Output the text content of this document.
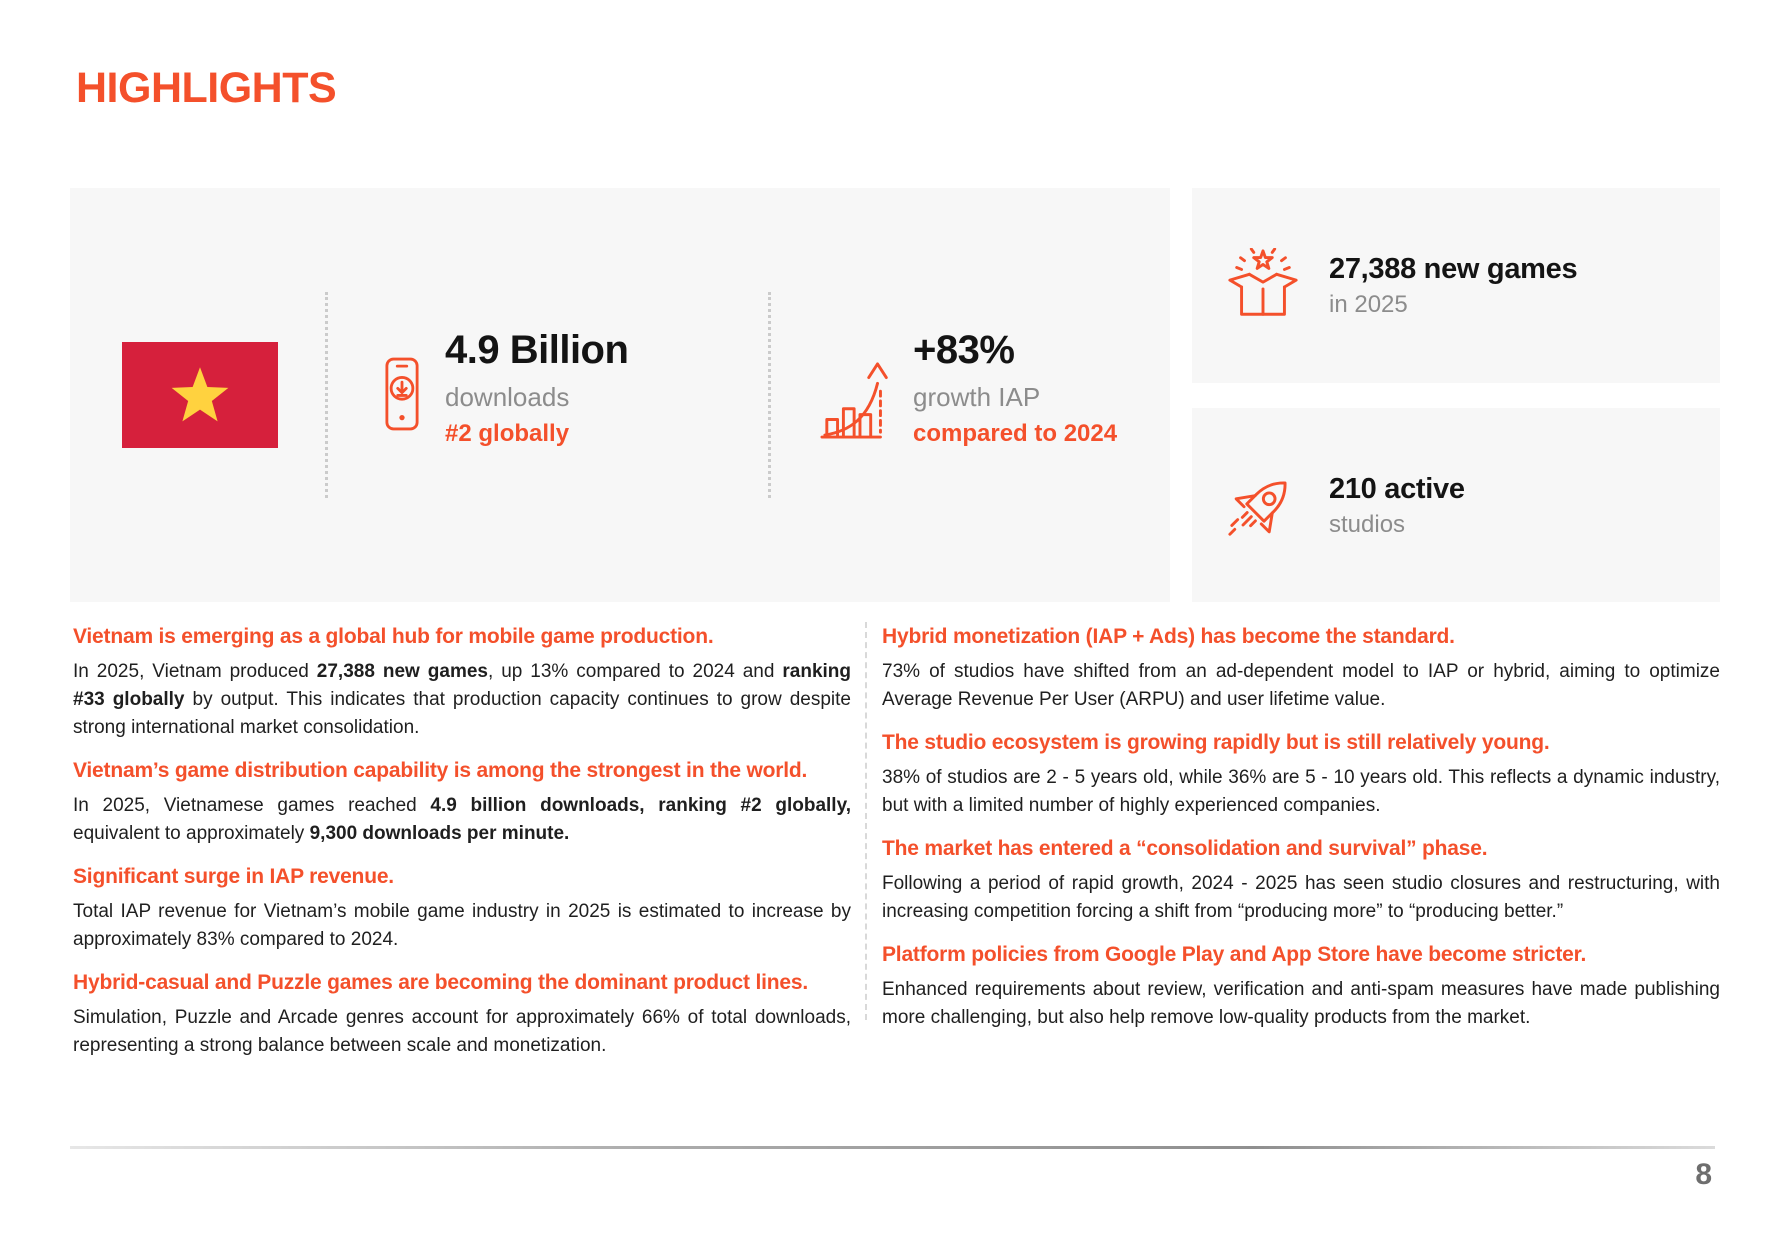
HIGHLIGHTS
4.9 Billion
downloads
#2 globally
+83%
growth IAP
compared to 2024
27,388 new games
in 2025
210 active
studios
Vietnam is emerging as a global hub for mobile game production.

In 2025, Vietnam produced 27,388 new games, up 13% compared to 2024 and ranking #33 globally by output. This indicates that production capacity continues to grow despite strong international market consolidation.

Vietnam’s game distribution capability is among the strongest in the world.

In 2025, Vietnamese games reached 4.9 billion downloads, ranking #2 globally, equivalent to approximately 9,300 downloads per minute.

Significant surge in IAP revenue.

Total IAP revenue for Vietnam’s mobile game industry in 2025 is estimated to increase by approximately 83% compared to 2024.

Hybrid-casual and Puzzle games are becoming the dominant product lines.

Simulation, Puzzle and Arcade genres account for approximately 66% of total downloads, representing a strong balance between scale and monetization.

Hybrid monetization (IAP + Ads) has become the standard.

73% of studios have shifted from an ad-dependent model to IAP or hybrid, aiming to optimize Average Revenue Per User (ARPU) and user lifetime value.

The studio ecosystem is growing rapidly but is still relatively young.

38% of studios are 2 - 5 years old, while 36% are 5 - 10 years old. This reflects a dynamic industry, but with a limited number of highly experienced companies.

The market has entered a “consolidation and survival” phase.

Following a period of rapid growth, 2024 - 2025 has seen studio closures and restructuring, with increasing competition forcing a shift from “producing more” to “producing better.”

Platform policies from Google Play and App Store have become stricter.

Enhanced requirements about review, verification and anti-spam measures have made publishing more challenging, but also help remove low-quality products from the market.

8
